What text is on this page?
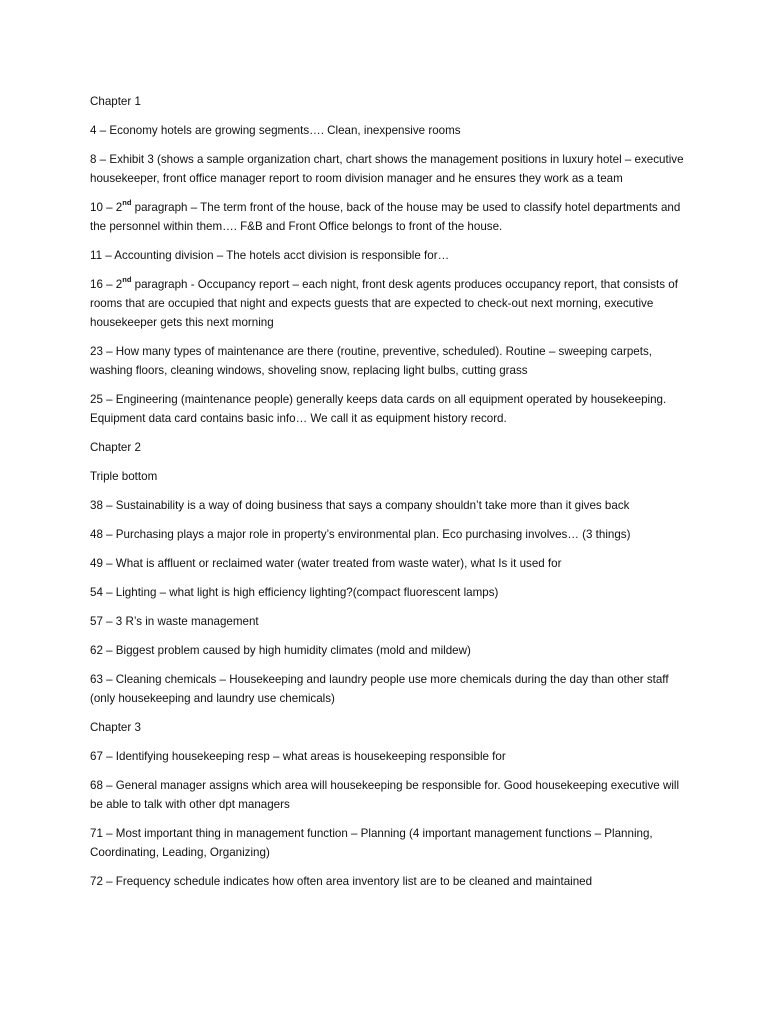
Chapter 1

4 – Economy hotels are growing segments…. Clean, inexpensive rooms

8 – Exhibit 3 (shows a sample organization chart, chart shows the management positions in luxury hotel – executive housekeeper, front office manager report to room division manager and he ensures they work as a team

10 – 2nd paragraph – The term front of the house, back of the house may be used to classify hotel departments and the personnel within them…. F&B and Front Office belongs to front of the house.

11 – Accounting division – The hotels acct division is responsible for…

16 – 2nd paragraph - Occupancy report – each night, front desk agents produces occupancy report, that consists of rooms that are occupied that night and expects guests that are expected to check-out next morning, executive housekeeper gets this next morning

23 – How many types of maintenance are there (routine, preventive, scheduled). Routine – sweeping carpets, washing floors, cleaning windows, shoveling snow, replacing light bulbs, cutting grass

25 – Engineering (maintenance people) generally keeps data cards on all equipment operated by housekeeping. Equipment data card contains basic info… We call it as equipment history record.

Chapter 2

Triple bottom

38 – Sustainability is a way of doing business that says a company shouldn’t take more than it gives back

48 – Purchasing plays a major role in property’s environmental plan. Eco purchasing involves… (3 things)

49 – What is affluent or reclaimed water (water treated from waste water), what Is it used for

54 – Lighting – what light is high efficiency lighting?(compact fluorescent lamps)

57 – 3 R’s in waste management

62 – Biggest problem caused by high humidity climates (mold and mildew)

63 – Cleaning chemicals – Housekeeping and laundry people use more chemicals during the day than other staff (only housekeeping and laundry use chemicals)

Chapter 3

67 – Identifying housekeeping resp – what areas is housekeeping responsible for

68 – General manager assigns which area will housekeeping be responsible for. Good housekeeping executive will be able to talk with other dpt managers

71 – Most important thing in management function – Planning (4 important management functions – Planning, Coordinating, Leading, Organizing)

72 – Frequency schedule indicates how often area inventory list are to be cleaned and maintained
